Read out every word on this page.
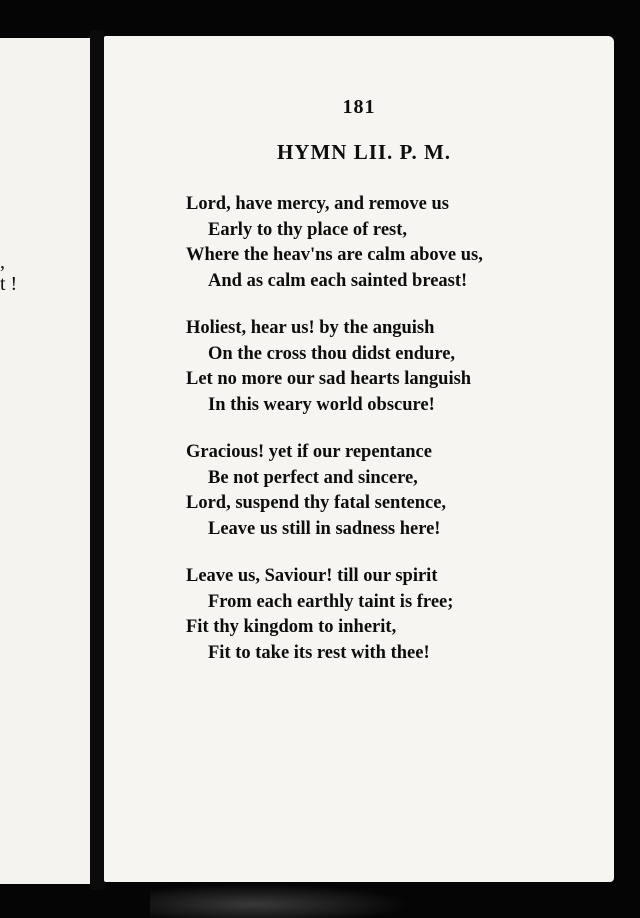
,
t !

181

HYMN LII. P. M.

Lord, have mercy, and remove us
Early to thy place of rest,
Where the heav'ns are calm above us,
And as calm each sainted breast!
Holiest, hear us! by the anguish
On the cross thou didst endure,
Let no more our sad hearts languish
In this weary world obscure!
Gracious! yet if our repentance
Be not perfect and sincere,
Lord, suspend thy fatal sentence,
Leave us still in sadness here!
Leave us, Saviour! till our spirit
From each earthly taint is free;
Fit thy kingdom to inherit,
Fit to take its rest with thee!
